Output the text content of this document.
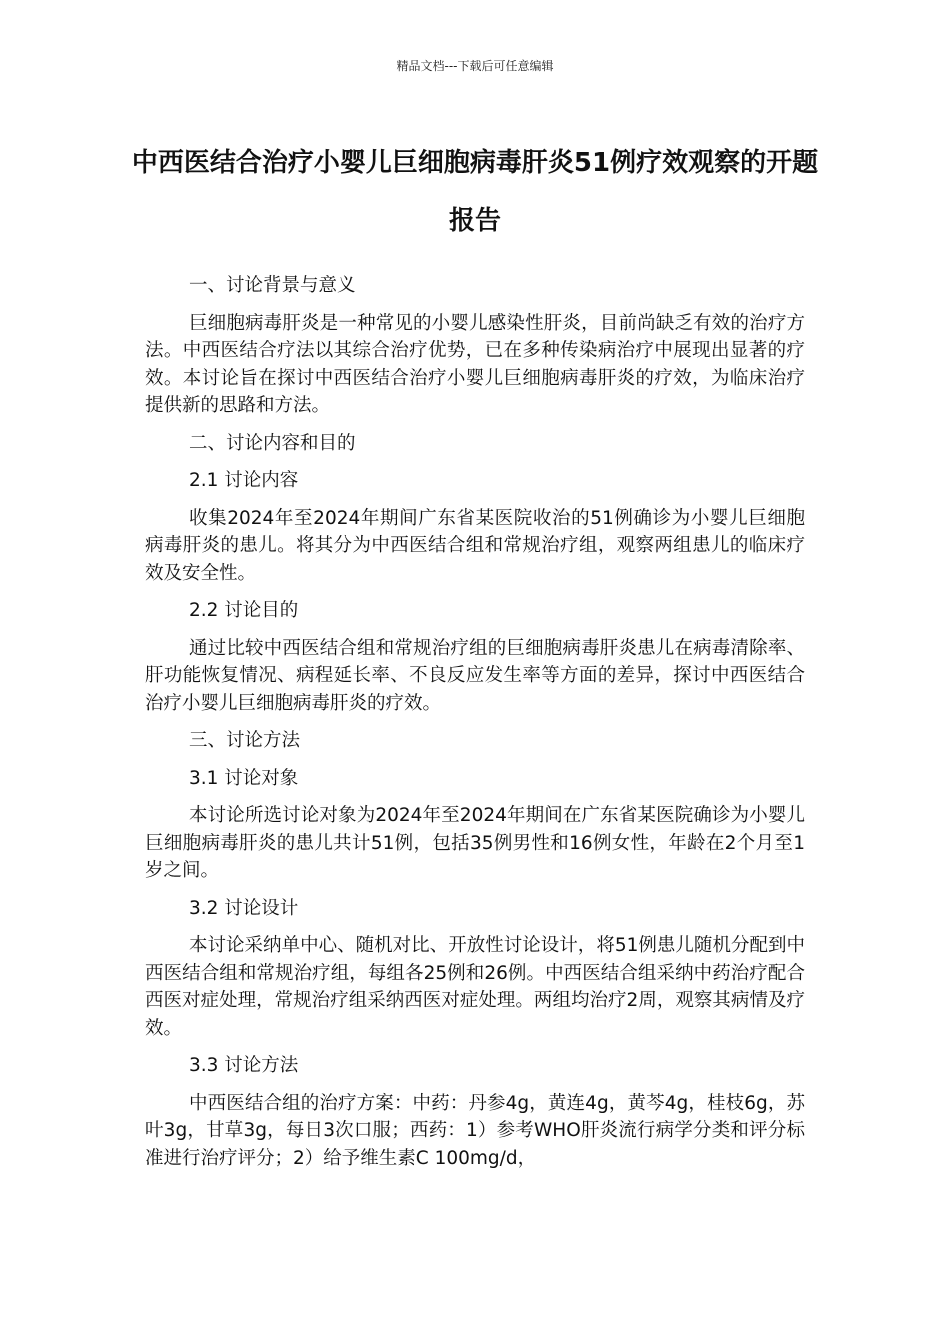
精品文档---下载后可任意编辑
中西医结合治疗小婴儿巨细胞病毒肝炎51例疗效观察的开题报告

一、讨论背景与意义

巨细胞病毒肝炎是一种常见的小婴儿感染性肝炎，目前尚缺乏有效的治疗方法。中西医结合疗法以其综合治疗优势，已在多种传染病治疗中展现出显著的疗效。本讨论旨在探讨中西医结合治疗小婴儿巨细胞病毒肝炎的疗效，为临床治疗提供新的思路和方法。

二、讨论内容和目的

2.1 讨论内容

收集2024年至2024年期间广东省某医院收治的51例确诊为小婴儿巨细胞病毒肝炎的患儿。将其分为中西医结合组和常规治疗组，观察两组患儿的临床疗效及安全性。

2.2 讨论目的

通过比较中西医结合组和常规治疗组的巨细胞病毒肝炎患儿在病毒清除率、肝功能恢复情况、病程延长率、不良反应发生率等方面的差异，探讨中西医结合治疗小婴儿巨细胞病毒肝炎的疗效。

三、讨论方法

3.1 讨论对象

本讨论所选讨论对象为2024年至2024年期间在广东省某医院确诊为小婴儿巨细胞病毒肝炎的患儿共计51例，包括35例男性和16例女性，年龄在2个月至1岁之间。

3.2 讨论设计

本讨论采纳单中心、随机对比、开放性讨论设计，将51例患儿随机分配到中西医结合组和常规治疗组，每组各25例和26例。中西医结合组采纳中药治疗配合西医对症处理，常规治疗组采纳西医对症处理。两组均治疗2周，观察其病情及疗效。

3.3 讨论方法

中西医结合组的治疗方案：中药：丹参4g，黄连4g，黄芩4g，桂枝6g，苏叶3g，甘草3g，每日3次口服；西药：1）参考WHO肝炎流行病学分类和评分标准进行治疗评分；2）给予维生素C 100mg/d，
